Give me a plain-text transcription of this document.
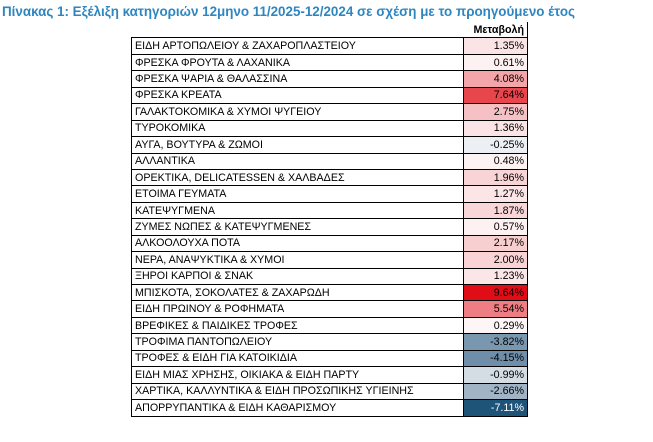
Πίνακας 1: Εξέλιξη κατηγοριών 12μηνο 11/2025-12/2024 σε σχέση με το προηγούμενο έτος
	Μεταβολή
ΕΙΔΗ ΑΡΤΟΠΩΛΕΙΟΥ & ΖΑΧΑΡΟΠΛΑΣΤΕΙΟΥ	1.35%
ΦΡΕΣΚΑ ΦΡΟΥΤΑ & ΛΑΧΑΝΙΚΑ	0.61%
ΦΡΕΣΚΑ ΨΑΡΙΑ & ΘΑΛΑΣΣΙΝΑ	4.08%
ΦΡΕΣΚΑ ΚΡΕΑΤΑ	7.64%
ΓΑΛΑΚΤΟΚΟΜΙΚΑ & ΧΥΜΟΙ ΨΥΓΕΙΟΥ	2.75%
ΤΥΡΟΚΟΜΙΚΑ	1.36%
ΑΥΓΑ, ΒΟΥΤΥΡΑ & ΖΩΜΟΙ	-0.25%
ΑΛΛΑΝΤΙΚΑ	0.48%
ΟΡΕΚΤΙΚΑ, DELICATESSEN & ΧΑΛΒΑΔΕΣ	1.96%
ΕΤΟΙΜΑ ΓΕΥΜΑΤΑ	1.27%
ΚΑΤΕΨΥΓΜΕΝΑ	1.87%
ΖΥΜΕΣ ΝΩΠΕΣ & ΚΑΤΕΨΥΓΜΕΝΕΣ	0.57%
ΑΛΚΟΟΛΟΥΧΑ ΠΟΤΑ	2.17%
ΝΕΡΑ, ΑΝΑΨΥΚΤΙΚΑ & ΧΥΜΟΙ	2.00%
ΞΗΡΟΙ ΚΑΡΠΟΙ & ΣΝΑΚ	1.23%
ΜΠΙΣΚΟΤΑ, ΣΟΚΟΛΑΤΕΣ & ΖΑΧΑΡΩΔΗ	9.64%
ΕΙΔΗ ΠΡΩΙΝΟΥ & ΡΟΦΗΜΑΤΑ	5.54%
ΒΡΕΦΙΚΕΣ & ΠΑΙΔΙΚΕΣ ΤΡΟΦΕΣ	0.29%
ΤΡΟΦΙΜΑ ΠΑΝΤΟΠΩΛΕΙΟΥ	-3.82%
ΤΡΟΦΕΣ & ΕΙΔΗ ΓΙΑ ΚΑΤΟΙΚΙΔΙΑ	-4.15%
ΕΙΔΗ ΜΙΑΣ ΧΡΗΣΗΣ, ΟΙΚΙΑΚΑ & ΕΙΔΗ ΠΑΡΤΥ	-0.99%
ΧΑΡΤΙΚΑ, ΚΑΛΛΥΝΤΙΚΑ & ΕΙΔΗ ΠΡΟΣΩΠΙΚΗΣ ΥΓΙΕΙΝΗΣ	-2.66%
ΑΠΟΡΡΥΠΑΝΤΙΚΑ & ΕΙΔΗ ΚΑΘΑΡΙΣΜΟΥ	-7.11%
